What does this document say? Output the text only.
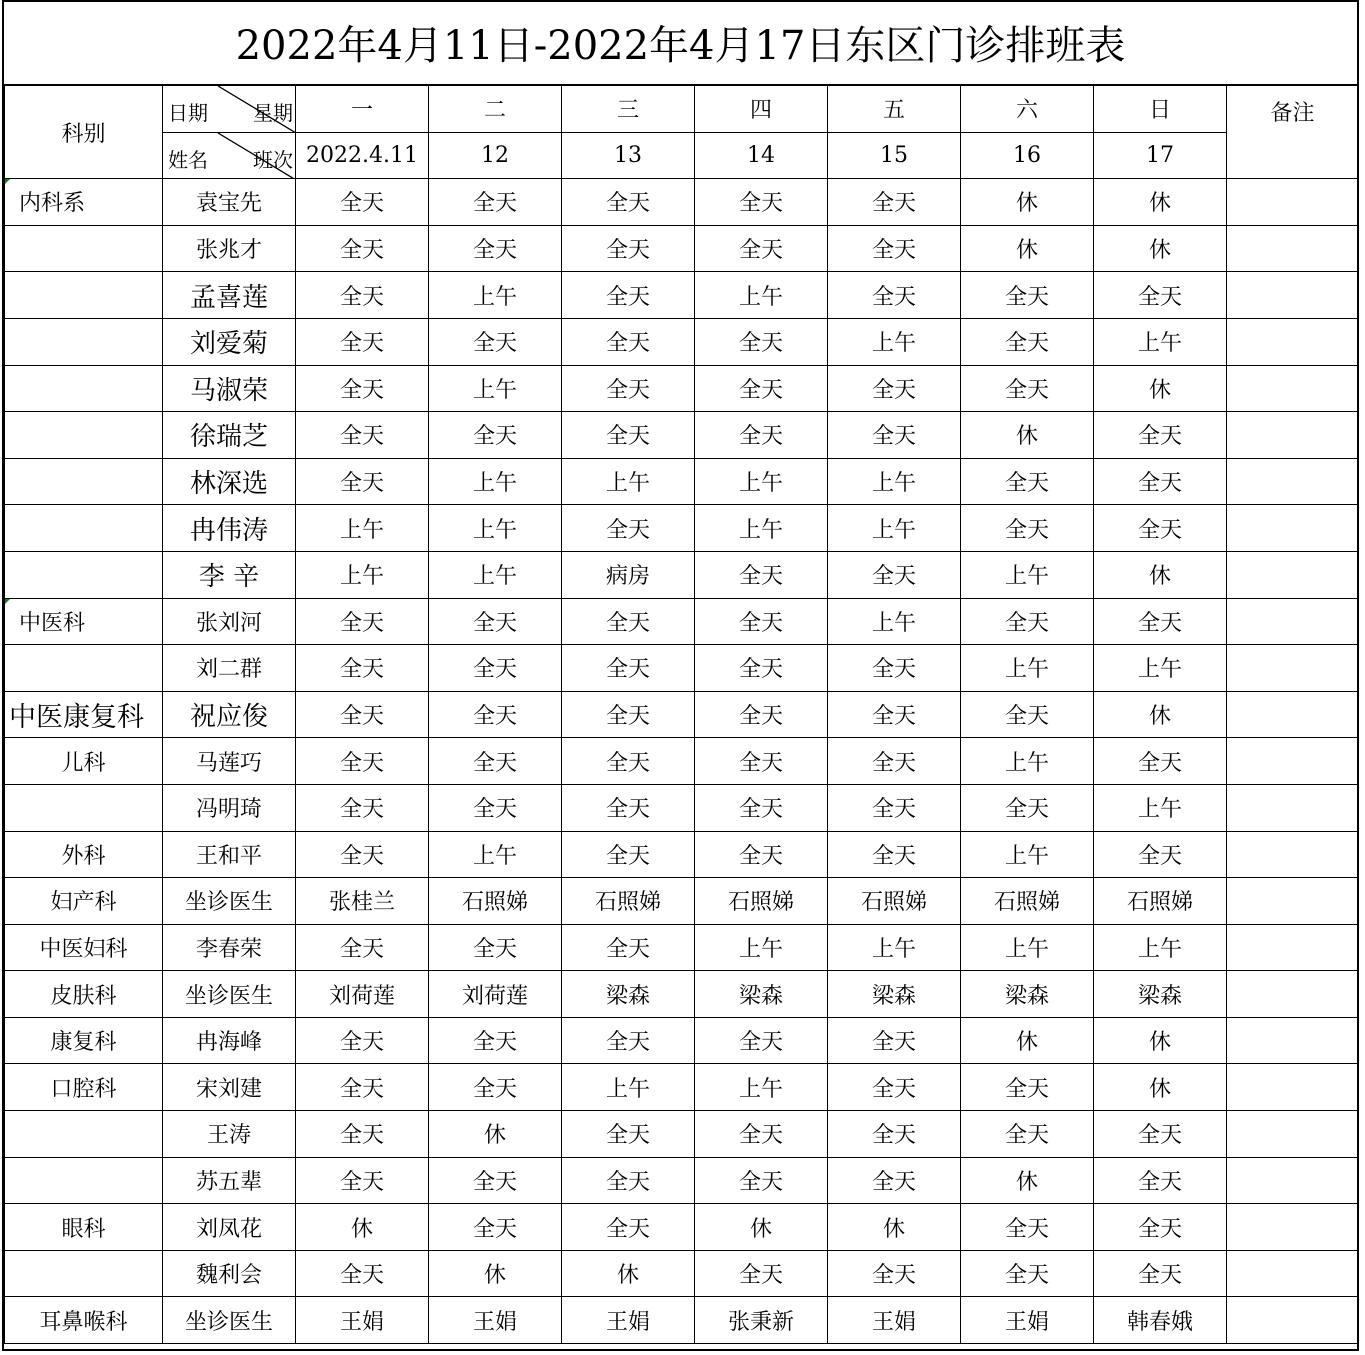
2022年4月11日-2022年4月17日东区门诊排班表
科别	日期 星期	一	二	三	四	五	六	日	备注

	姓名 班次	2022.4.11	12	13	14	15	16	17	
内科系	袁宝先	全天	全天	全天	全天	全天	休	休	
	张兆才	全天	全天	全天	全天	全天	休	休	
	孟喜莲	全天	上午	全天	上午	全天	全天	全天	
	刘爱菊	全天	全天	全天	全天	上午	全天	上午	
	马淑荣	全天	上午	全天	全天	全天	全天	休	
	徐瑞芝	全天	全天	全天	全天	全天	休	全天	
	林深选	全天	上午	上午	上午	上午	全天	全天	
	冉伟涛	上午	上午	全天	上午	上午	全天	全天	
	李 辛	上午	上午	病房	全天	全天	上午	休	
中医科	张刘河	全天	全天	全天	全天	上午	全天	全天	
	刘二群	全天	全天	全天	全天	全天	上午	上午	
中医康复科	祝应俊	全天	全天	全天	全天	全天	全天	休	
儿科	马莲巧	全天	全天	全天	全天	全天	上午	全天	
	冯明琦	全天	全天	全天	全天	全天	全天	上午	
外科	王和平	全天	上午	全天	全天	全天	上午	全天	
妇产科	坐诊医生	张桂兰	石照娣	石照娣	石照娣	石照娣	石照娣	石照娣	
中医妇科	李春荣	全天	全天	全天	上午	上午	上午	上午	
皮肤科	坐诊医生	刘荷莲	刘荷莲	梁森	梁森	梁森	梁森	梁森	
康复科	冉海峰	全天	全天	全天	全天	全天	休	休	
口腔科	宋刘建	全天	全天	上午	上午	全天	全天	休	
	王涛	全天	休	全天	全天	全天	全天	全天	
	苏五辈	全天	全天	全天	全天	全天	休	全天	
眼科	刘凤花	休	全天	全天	休	休	全天	全天	
	魏利会	全天	休	休	全天	全天	全天	全天	
耳鼻喉科	坐诊医生	王娟	王娟	王娟	张秉新	王娟	王娟	韩春娥	
